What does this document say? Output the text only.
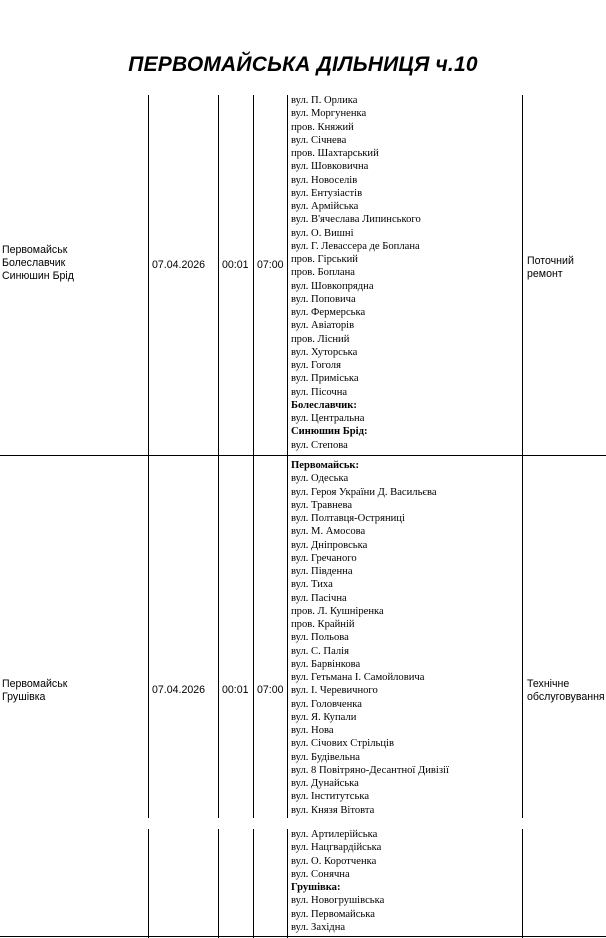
ПЕРВОМАЙСЬКА ДІЛЬНИЦЯ ч.10
Первомайськ
Болеславчик
Синюшин Брід
07.04.2026 00:01 07:00	Поточний
ремонт
вул. П. Орлика
вул. Моргуненка
пров. Княжий
вул. Січнева
пров. Шахтарський
вул. Шовковична
вул. Новоселів
вул. Ентузіастів
вул. Армійська
вул. В'ячеслава Липинського
вул. О. Вишні
вул. Г. Левассера де Боплана
пров. Гірський
пров. Боплана
вул. Шовкопрядна
вул. Поповича
вул. Фермерська
вул. Авіаторів
пров. Лісний
вул. Хуторська
вул. Гоголя
вул. Приміська
вул. Пісочна
Болеславчик:
вул. Центральна
Синюшин Брід:
вул. Степова
Первомайськ
Грушівка
07.04.2026 00:01 07:00	Технічне
обслуговування
Первомайськ:
вул. Одеська
вул. Героя України Д. Васильєва
вул. Травнева
вул. Полтавця-Остряниці
вул. М. Амосова
вул. Дніпровська
вул. Гречаного
вул. Південна
вул. Тиха
вул. Пасічна
пров. Л. Кушніренка
пров. Крайній
вул. Польова
вул. С. Палія
вул. Барвінкова
вул. Гетьмана І. Самойловича
вул. І. Черевичного
вул. Головченка
вул. Я. Купали
вул. Нова
вул. Січових Стрільців
вул. Будівельна
вул. 8 Повітряно-Десантної Дивізії
вул. Дунайська
вул. Інститутська
вул. Князя Вітовта
вул. Артилерійська
вул. Нацгвардійська
вул. О. Коротченка
вул. Сонячна
Грушівка:
вул. Новогрушівська
вул. Первомайська
вул. Західна
